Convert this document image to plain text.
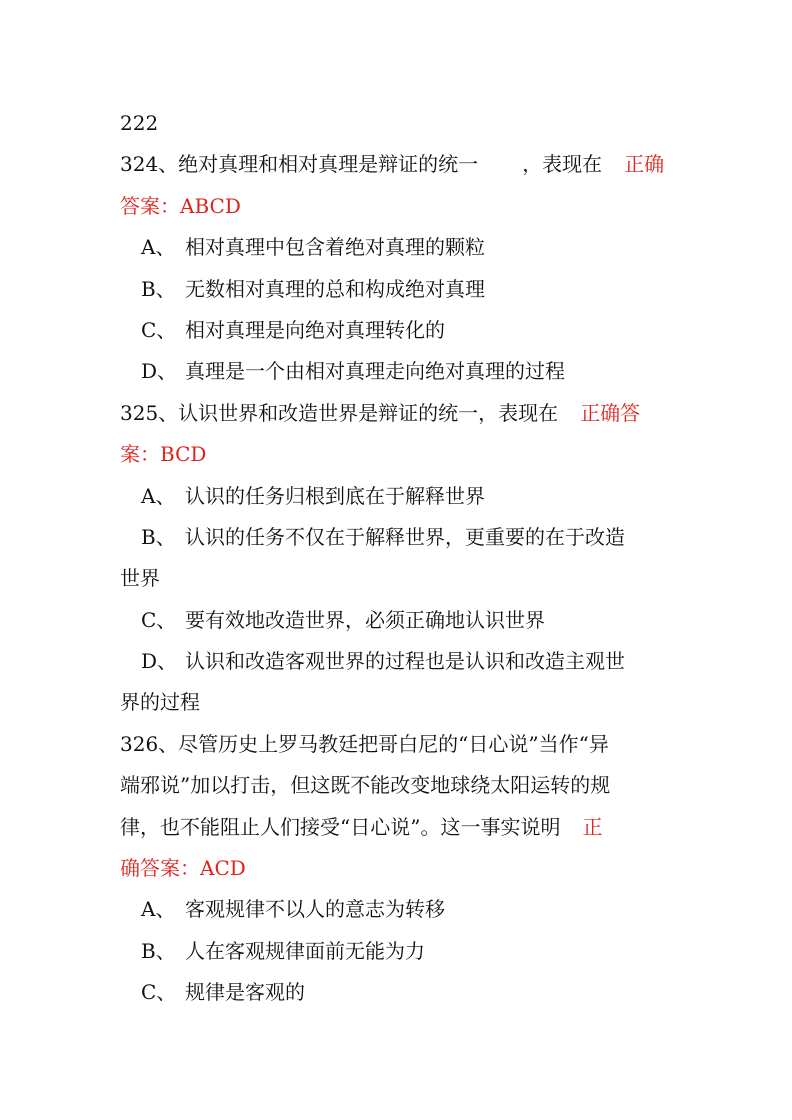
222
324、绝对真理和相对真理是辩证的统一 ，表现在 正确
答案：ABCD
A、 相对真理中包含着绝对真理的颗粒
B、 无数相对真理的总和构成绝对真理
C、 相对真理是向绝对真理转化的
D、 真理是一个由相对真理走向绝对真理的过程
325、认识世界和改造世界是辩证的统一，表现在 正确答
案：BCD
A、 认识的任务归根到底在于解释世界
B、 认识的任务不仅在于解释世界，更重要的在于改造
世界
C、 要有效地改造世界，必须正确地认识世界
D、 认识和改造客观世界的过程也是认识和改造主观世
界的过程
326、尽管历史上罗马教廷把哥白尼的“日心说”当作“异
端邪说”加以打击，但这既不能改变地球绕太阳运转的规
律，也不能阻止人们接受“日心说”。这一事实说明 正
确答案：ACD
A、 客观规律不以人的意志为转移
B、 人在客观规律面前无能为力
C、 规律是客观的
